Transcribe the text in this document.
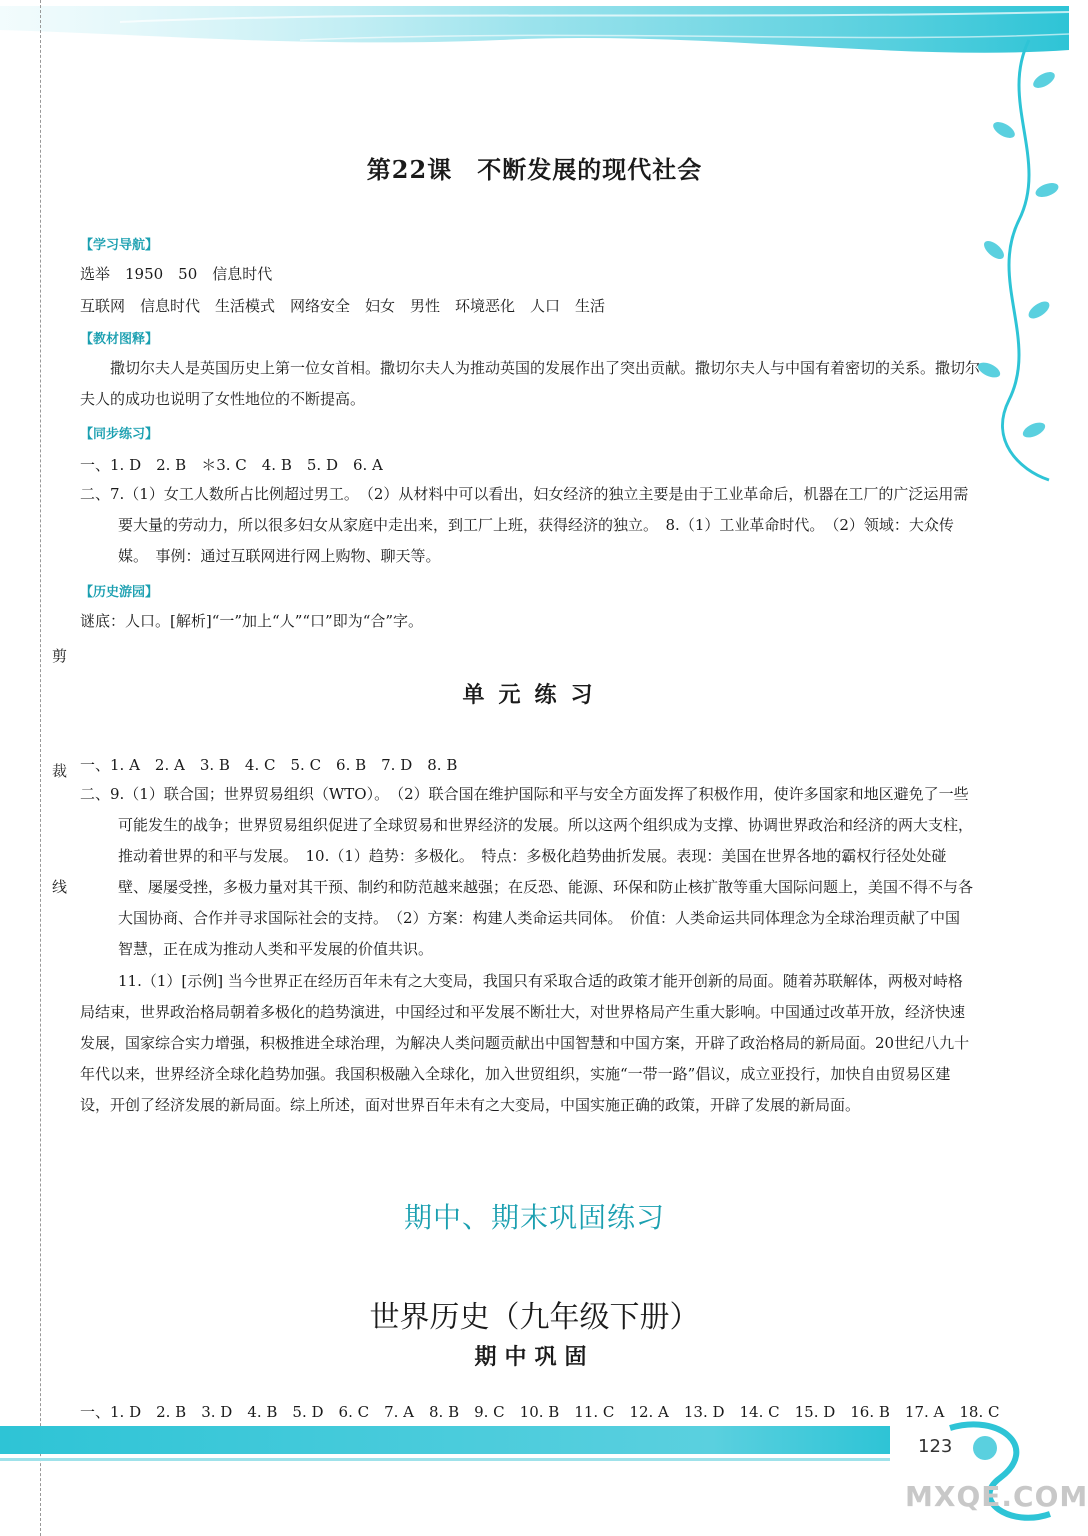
剪
裁
线
第22课　不断发展的现代社会
【学习导航】
选举　1950　50　信息时代
互联网　信息时代　生活模式　网络安全　妇女　男性　环境恶化　人口　生活
【教材图释】
撒切尔夫人是英国历史上第一位女首相。撒切尔夫人为推动英国的发展作出了突出贡献。撒切尔夫人与中国有着密切的关系。撒切尔夫人的成功也说明了女性地位的不断提高。
【同步练习】
一、1. D　2. B　＊3. C　4. B　5. D　6. A
二、7.（1）女工人数所占比例超过男工。　（2）从材料中可以看出，妇女经济的独立主要是由于工业革命后，机器在工厂的广泛运用需要大量的劳动力，所以很多妇女从家庭中走出来，到工厂上班，获得经济的独立。　8.（1）工业革命时代。　（2）领域：大众传媒。　事例：通过互联网进行网上购物、聊天等。
【历史游园】
谜底：人口。[解析]“一”加上“人”“口”即为“合”字。
单元练习
一、1. A　2. A　3. B　4. C　5. C　6. B　7. D　8. B
二、9.（1）联合国；世界贸易组织（WTO）。　（2）联合国在维护国际和平与安全方面发挥了积极作用，使许多国家和地区避免了一些可能发生的战争；世界贸易组织促进了全球贸易和世界经济的发展。所以这两个组织成为支撑、协调世界政治和经济的两大支柱，推动着世界的和平与发展。　10.（1）趋势：多极化。　特点：多极化趋势曲折发展。表现：美国在世界各地的霸权行径处处碰壁、屡屡受挫，多极力量对其干预、制约和防范越来越强；在反恐、能源、环保和防止核扩散等重大国际问题上，美国不得不与各大国协商、合作并寻求国际社会的支持。　（2）方案：构建人类命运共同体。　价值：人类命运共同体理念为全球治理贡献了中国智慧，正在成为推动人类和平发展的价值共识。
11.（1）[示例] 当今世界正在经历百年未有之大变局，我国只有采取合适的政策才能开创新的局面。随着苏联解体，两极对峙格局结束，世界政治格局朝着多极化的趋势演进，中国经过和平发展不断壮大，对世界格局产生重大影响。中国通过改革开放，经济快速发展，国家综合实力增强，积极推进全球治理，为解决人类问题贡献出中国智慧和中国方案，开辟了政治格局的新局面。20世纪八九十年代以来，世界经济全球化趋势加强。我国积极融入全球化，加入世贸组织，实施“一带一路”倡议，成立亚投行，加快自由贸易区建设，开创了经济发展的新局面。综上所述，面对世界百年未有之大变局，中国实施正确的政策，开辟了发展的新局面。
期中、期末巩固练习
世界历史（九年级下册）
期中巩固
一、1. D　2. B　3. D　4. B　5. D　6. C　7. A　8. B　9. C　10. B　11. C　12. A　13. D　14. C　15. D　16. B　17. A　18. C
123
MXQE.COM
